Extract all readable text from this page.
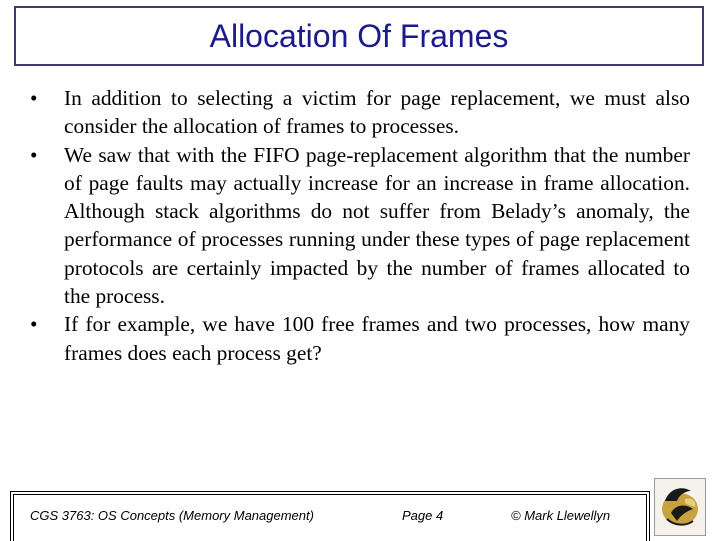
Allocation Of Frames
• In addition to selecting a victim for page replacement, we must also consider the allocation of frames to processes.
• We saw that with the FIFO page-replacement algorithm that the number of page faults may actually increase for an increase in frame allocation. Although stack algorithms do not suffer from Belady’s anomaly, the performance of processes running under these types of page replacement protocols are certainly impacted by the number of frames allocated to the process.
• If for example, we have 100 free frames and two processes, how many frames does each process get?
CGS 3763: OS Concepts (Memory Management)	Page 4	© Mark Llewellyn
